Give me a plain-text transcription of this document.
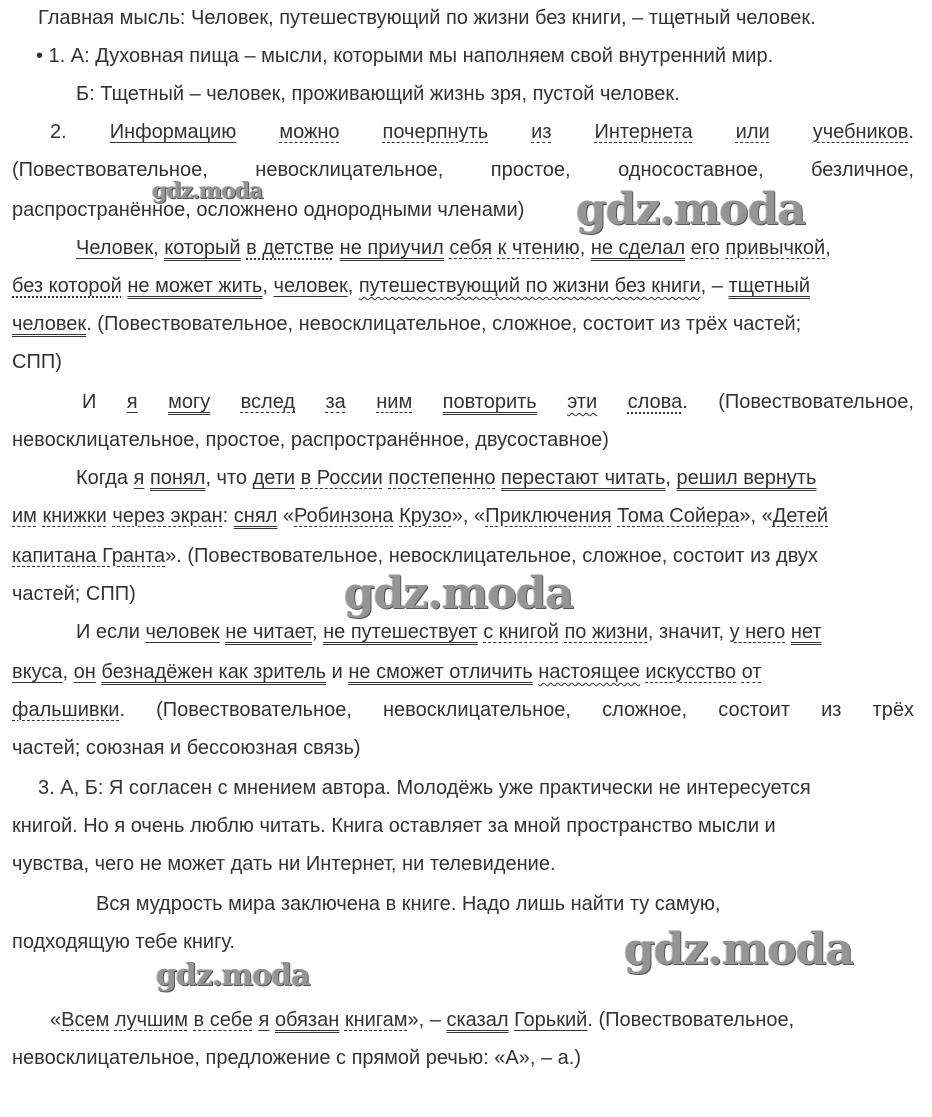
Главная мысль: Человек, путешествующий по жизни без книги, – тщетный человек.
• 1. А: Духовная пища – мысли, которыми мы наполняем свой внутренний мир.
Б: Тщетный – человек, проживающий жизнь зря, пустой человек.
2. Информацию можно почерпнуть из Интернета или учебников.
(Повествовательное, невосклицательное, простое, односоставное, безличное,
распространённое, осложнено однородными членами)
Человек, который в детстве не приучил себя к чтению, не сделал его привычкой,
без которой не может жить, человек, путешествующий по жизни без книги, – тщетный
человек. (Повествовательное, невосклицательное, сложное, состоит из трёх частей;
СПП)
И я могу вслед за ним повторить эти слова. (Повествовательное,
невосклицательное, простое, распространённое, двусоставное)
Когда я понял, что дети в России постепенно перестают читать, решил вернуть
им книжки через экран: снял «Робинзона Крузо», «Приключения Тома Сойера», «Детей
капитана Гранта». (Повествовательное, невосклицательное, сложное, состоит из двух
частей; СПП)
И если человек не читает, не путешествует с книгой по жизни, значит, у него нет
вкуса, он безнадёжен как зритель и не сможет отличить настоящее искусство от
фальшивки. (Повествовательное, невосклицательное, сложное, состоит из трёх
частей; союзная и бессоюзная связь)
3. А, Б: Я согласен с мнением автора. Молодёжь уже практически не интересуется
книгой. Но я очень люблю читать. Книга оставляет за мной пространство мысли и
чувства, чего не может дать ни Интернет, ни телевидение.
Вся мудрость мира заключена в книге. Надо лишь найти ту самую,
подходящую тебе книгу.
«Всем лучшим в себе я обязан книгам», – сказал Горький. (Повествовательное,
невосклицательное, предложение с прямой речью: «А», – а.)
gdz.moda	gdz.moda
gdz.moda
gdz.moda
gdz.moda
